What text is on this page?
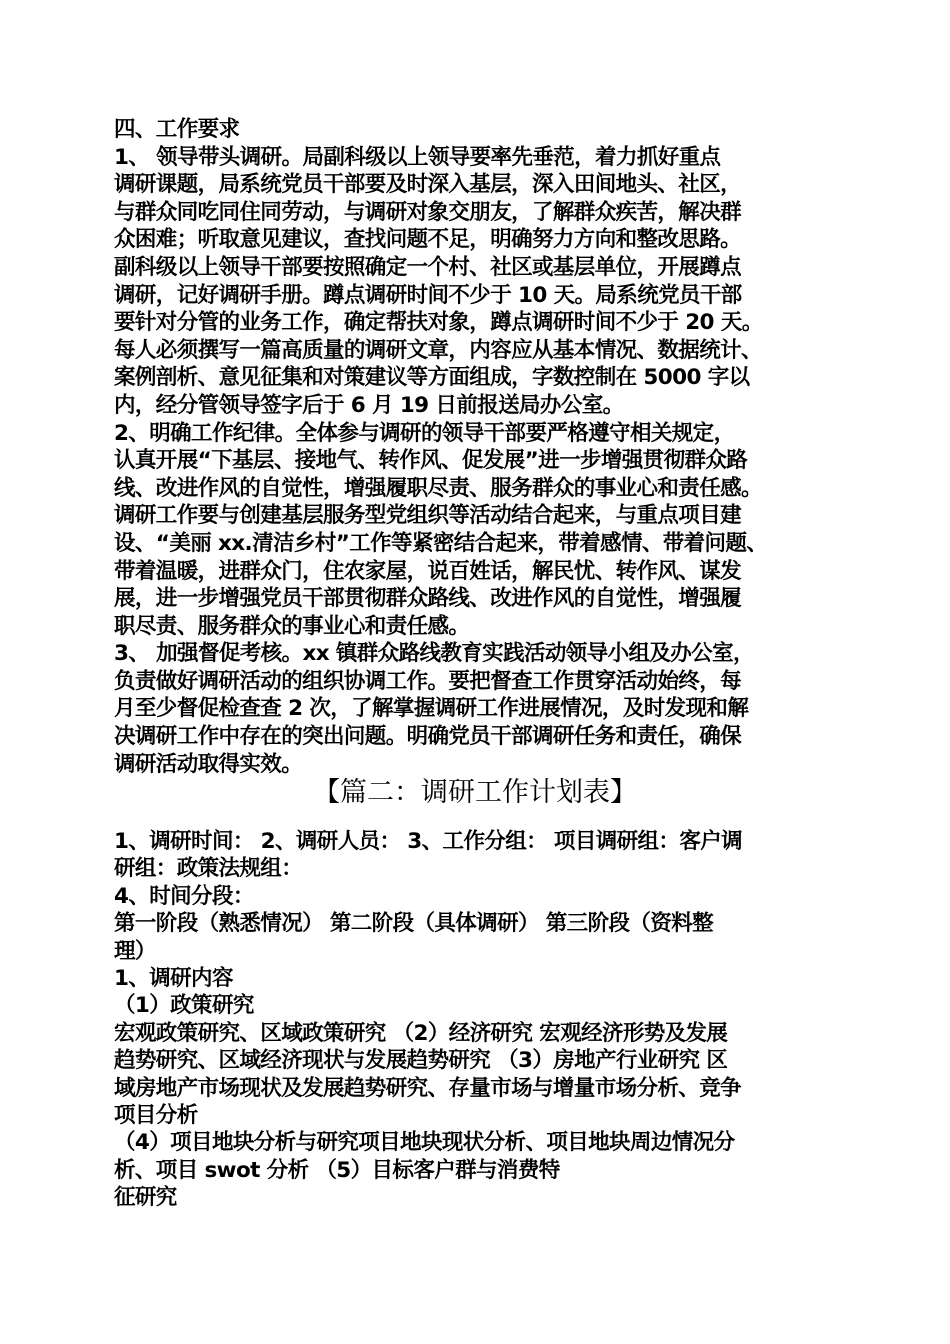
四、工作要求

1、 领导带头调研。局副科级以上领导要率先垂范，着力抓好重点

调研课题，局系统党员干部要及时深入基层，深入田间地头、社区，

与群众同吃同住同劳动，与调研对象交朋友，了解群众疾苦，解决群

众困难；听取意见建议，查找问题不足，明确努力方向和整改思路。

副科级以上领导干部要按照确定一个村、社区或基层单位，开展蹲点

调研，记好调研手册。蹲点调研时间不少于 10 天。局系统党员干部

要针对分管的业务工作，确定帮扶对象，蹲点调研时间不少于 20 天。

每人必须撰写一篇高质量的调研文章，内容应从基本情况、数据统计、

案例剖析、意见征集和对策建议等方面组成，字数控制在 5000 字以

内，经分管领导签字后于 6 月 19 日前报送局办公室。

2、明确工作纪律。全体参与调研的领导干部要严格遵守相关规定，

认真开展“下基层、接地气、转作风、促发展”进一步增强贯彻群众路

线、改进作风的自觉性，增强履职尽责、服务群众的事业心和责任感。

调研工作要与创建基层服务型党组织等活动结合起来，与重点项目建

设、“美丽 xx.清洁乡村”工作等紧密结合起来，带着感情、带着问题、

带着温暖，进群众门，住农家屋，说百姓话，解民忧、转作风、谋发

展，进一步增强党员干部贯彻群众路线、改进作风的自觉性，增强履

职尽责、服务群众的事业心和责任感。

3、 加强督促考核。xx 镇群众路线教育实践活动领导小组及办公室，

负责做好调研活动的组织协调工作。要把督查工作贯穿活动始终，每

月至少督促检查查 2 次，了解掌握调研工作进展情况，及时发现和解

决调研工作中存在的突出问题。明确党员干部调研任务和责任，确保

调研活动取得实效。

【篇二：调研工作计划表】

1、调研时间： 2、调研人员： 3、工作分组： 项目调研组：客户调

研组：政策法规组：

4、时间分段：

第一阶段（熟悉情况） 第二阶段（具体调研） 第三阶段（资料整

理）

1、调研内容

（1）政策研究

宏观政策研究、区域政策研究 （2）经济研究 宏观经济形势及发展

趋势研究、区域经济现状与发展趋势研究 （3）房地产行业研究 区

域房地产市场现状及发展趋势研究、存量市场与增量市场分析、竞争

项目分析

（4）项目地块分析与研究项目地块现状分析、项目地块周边情况分

析、项目 swot 分析 （5）目标客户群与消费特

征研究
